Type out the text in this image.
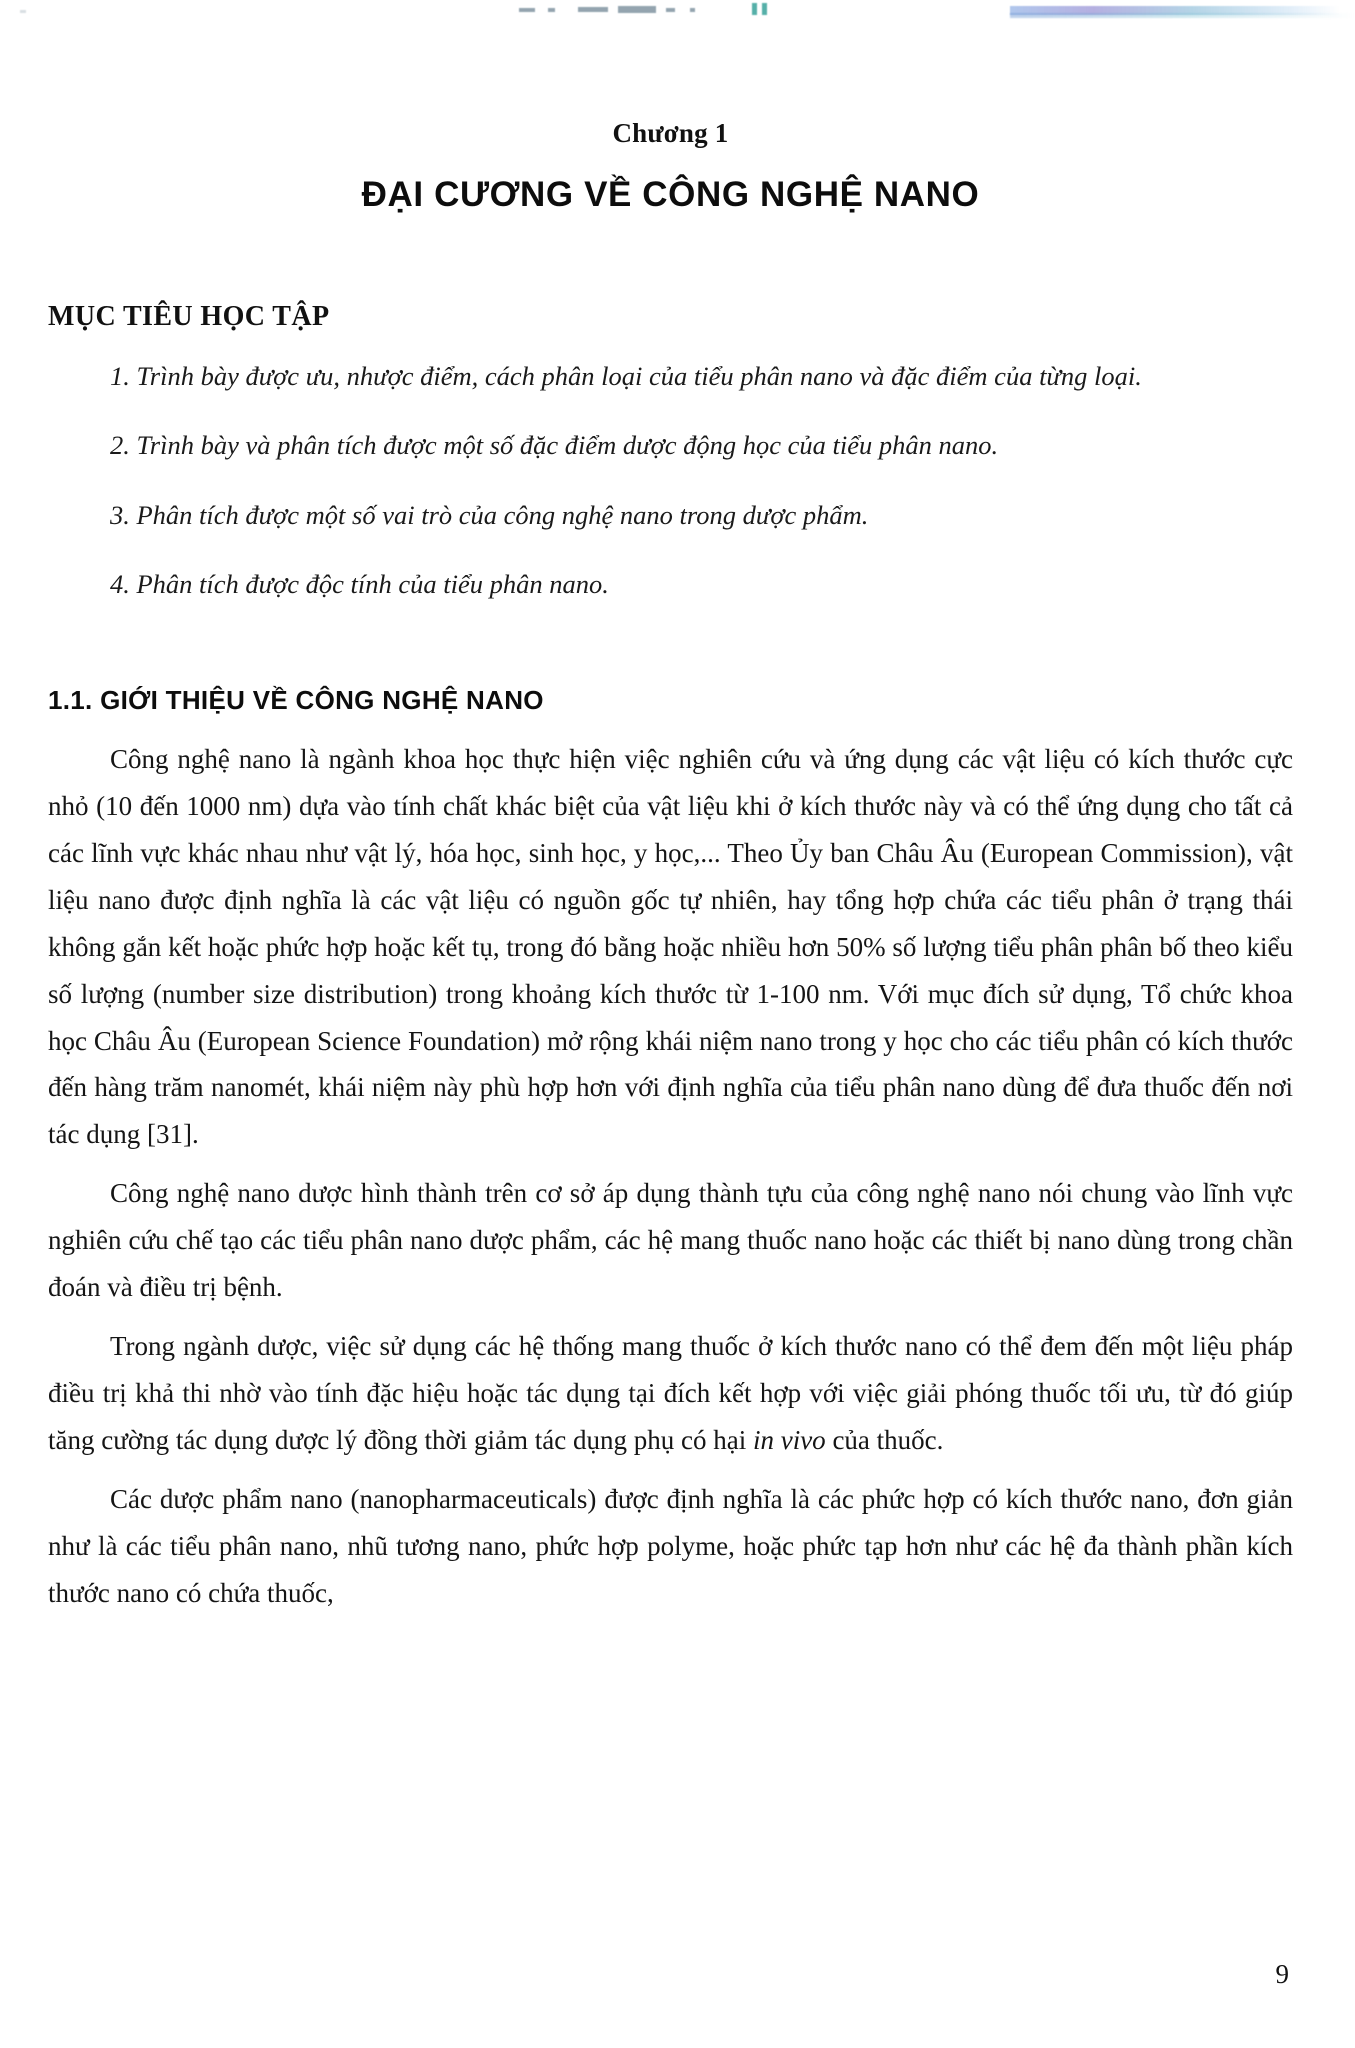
Chương 1

ĐẠI CƯƠNG VỀ CÔNG NGHỆ NANO
MỤC TIÊU HỌC TẬP

1. Trình bày được ưu, nhược điểm, cách phân loại của tiểu phân nano và đặc điểm của từng loại.

2. Trình bày và phân tích được một số đặc điểm dược động học của tiểu phân nano.

3. Phân tích được một số vai trò của công nghệ nano trong dược phẩm.

4. Phân tích được độc tính của tiểu phân nano.

1.1. GIỚI THIỆU VỀ CÔNG NGHỆ NANO

Công nghệ nano là ngành khoa học thực hiện việc nghiên cứu và ứng dụng các vật liệu có kích thước cực nhỏ (10 đến 1000 nm) dựa vào tính chất khác biệt của vật liệu khi ở kích thước này và có thể ứng dụng cho tất cả các lĩnh vực khác nhau như vật lý, hóa học, sinh học, y học,... Theo Ủy ban Châu Âu (European Commission), vật liệu nano được định nghĩa là các vật liệu có nguồn gốc tự nhiên, hay tổng hợp chứa các tiểu phân ở trạng thái không gắn kết hoặc phức hợp hoặc kết tụ, trong đó bằng hoặc nhiều hơn 50% số lượng tiểu phân phân bố theo kiểu số lượng (number size distribution) trong khoảng kích thước từ 1-100 nm. Với mục đích sử dụng, Tổ chức khoa học Châu Âu (European Science Foundation) mở rộng khái niệm nano trong y học cho các tiểu phân có kích thước đến hàng trăm nanomét, khái niệm này phù hợp hơn với định nghĩa của tiểu phân nano dùng để đưa thuốc đến nơi tác dụng [31].

Công nghệ nano dược hình thành trên cơ sở áp dụng thành tựu của công nghệ nano nói chung vào lĩnh vực nghiên cứu chế tạo các tiểu phân nano dược phẩm, các hệ mang thuốc nano hoặc các thiết bị nano dùng trong chần đoán và điều trị bệnh.

Trong ngành dược, việc sử dụng các hệ thống mang thuốc ở kích thước nano có thể đem đến một liệu pháp điều trị khả thi nhờ vào tính đặc hiệu hoặc tác dụng tại đích kết hợp với việc giải phóng thuốc tối ưu, từ đó giúp tăng cường tác dụng dược lý đồng thời giảm tác dụng phụ có hại in vivo của thuốc.

Các dược phẩm nano (nanopharmaceuticals) được định nghĩa là các phức hợp có kích thước nano, đơn giản như là các tiểu phân nano, nhũ tương nano, phức hợp polyme, hoặc phức tạp hơn như các hệ đa thành phần kích thước nano có chứa thuốc,

9
